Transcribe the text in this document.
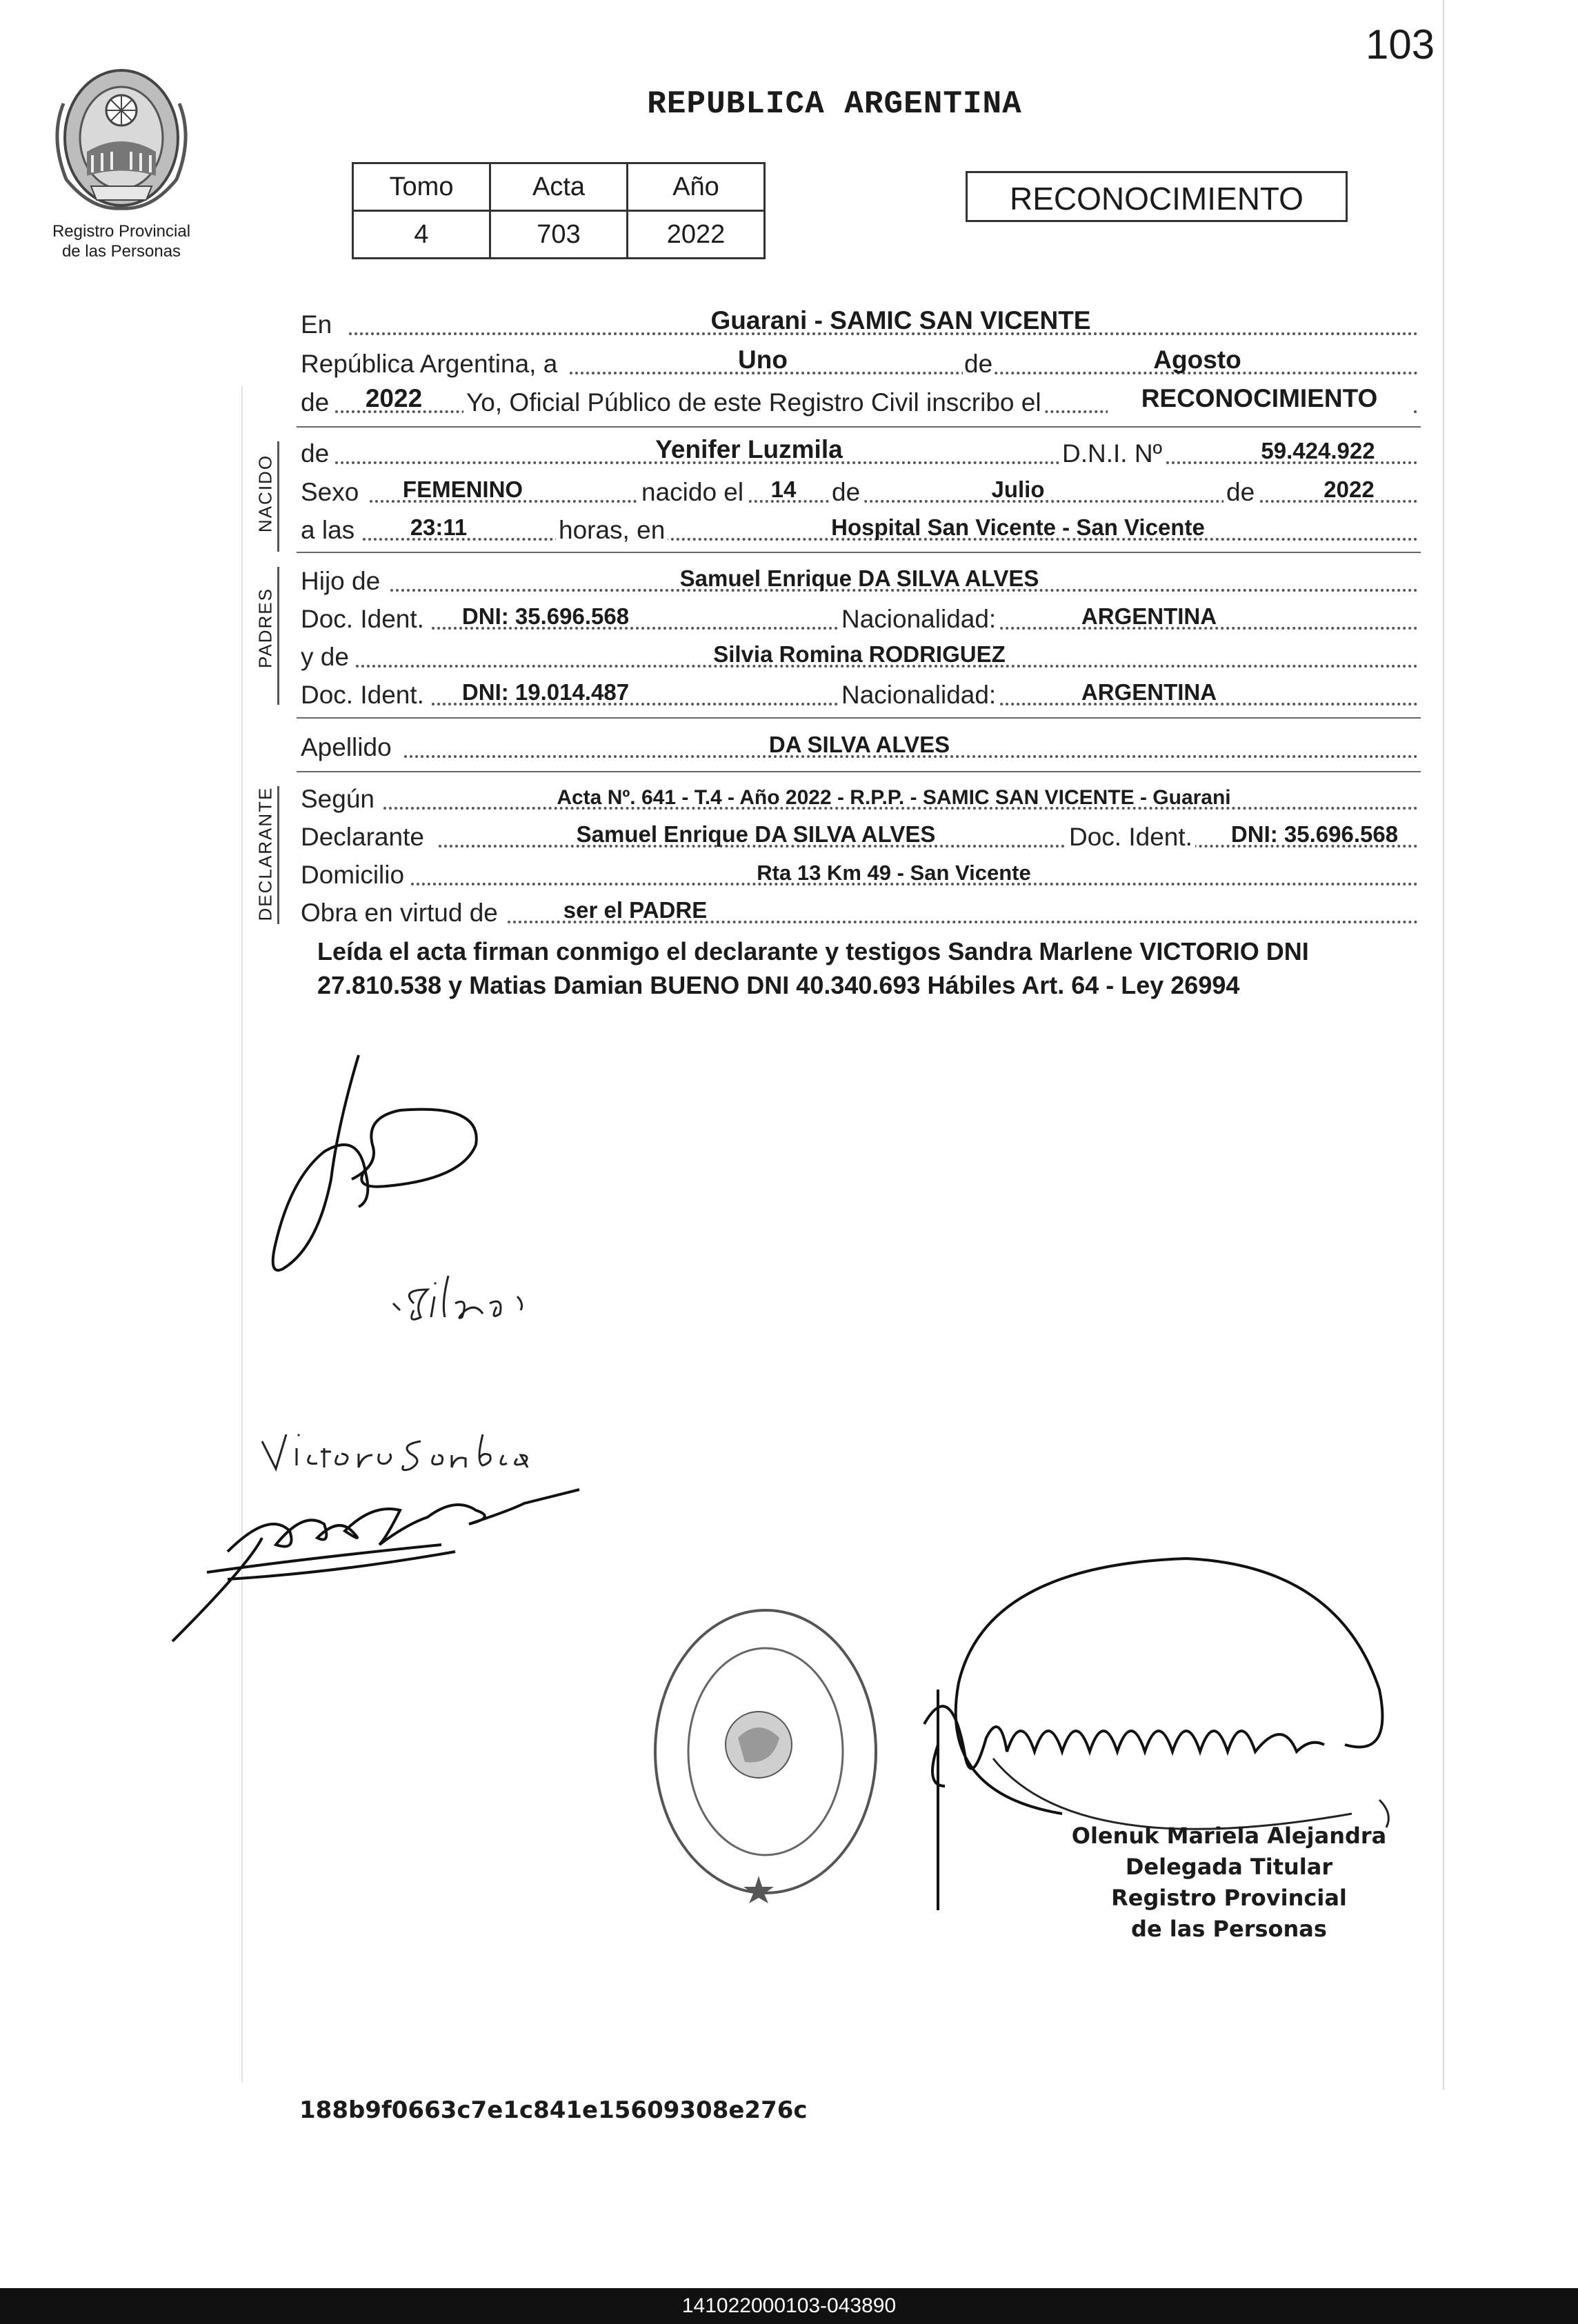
103
Registro Provincial
de las Personas
REPUBLICA ARGENTINA
Tomo	Acta	Año
4	703	2022
RECONOCIMIENTO
En	Guarani - SAMIC SAN VICENTE
República Argentina, a	Uno	de	Agosto
de	2022	Yo, Oficial Público de este Registro Civil inscribo el	RECONOCIMIENTO
NACIDO
de	Yenifer Luzmila	D.N.I. Nº	59.424.922
Sexo	FEMENINO	nacido el	14	de	Julio	de	2022
a las	23:11	horas, en	Hospital San Vicente - San Vicente
PADRES
Hijo de	Samuel Enrique DA SILVA ALVES
Doc. Ident.	DNI: 35.696.568	Nacionalidad:	ARGENTINA
y de	Silvia Romina RODRIGUEZ
Doc. Ident.	DNI: 19.014.487	Nacionalidad:	ARGENTINA
Apellido	DA SILVA ALVES
DECLARANTE Según	Acta Nº. 641 - T.4 - Año 2022 - R.P.P. - SAMIC SAN VICENTE - Guarani
Declarante	Samuel Enrique DA SILVA ALVES	Doc. Ident.	DNI: 35.696.568
Domicilio	Rta 13 Km 49 - San Vicente
Obra en virtud de	ser el PADRE
Leída el acta firman conmigo el declarante y testigos Sandra Marlene VICTORIO DNI 27.810.538 y Matias Damian BUENO DNI 40.340.693 Hábiles Art. 64 - Ley 26994
Olenuk Mariela Alejandra
Delegada Titular
Registro Provincial
de las Personas
188b9f0663c7e1c841e15609308e276c
141022000103-043890
